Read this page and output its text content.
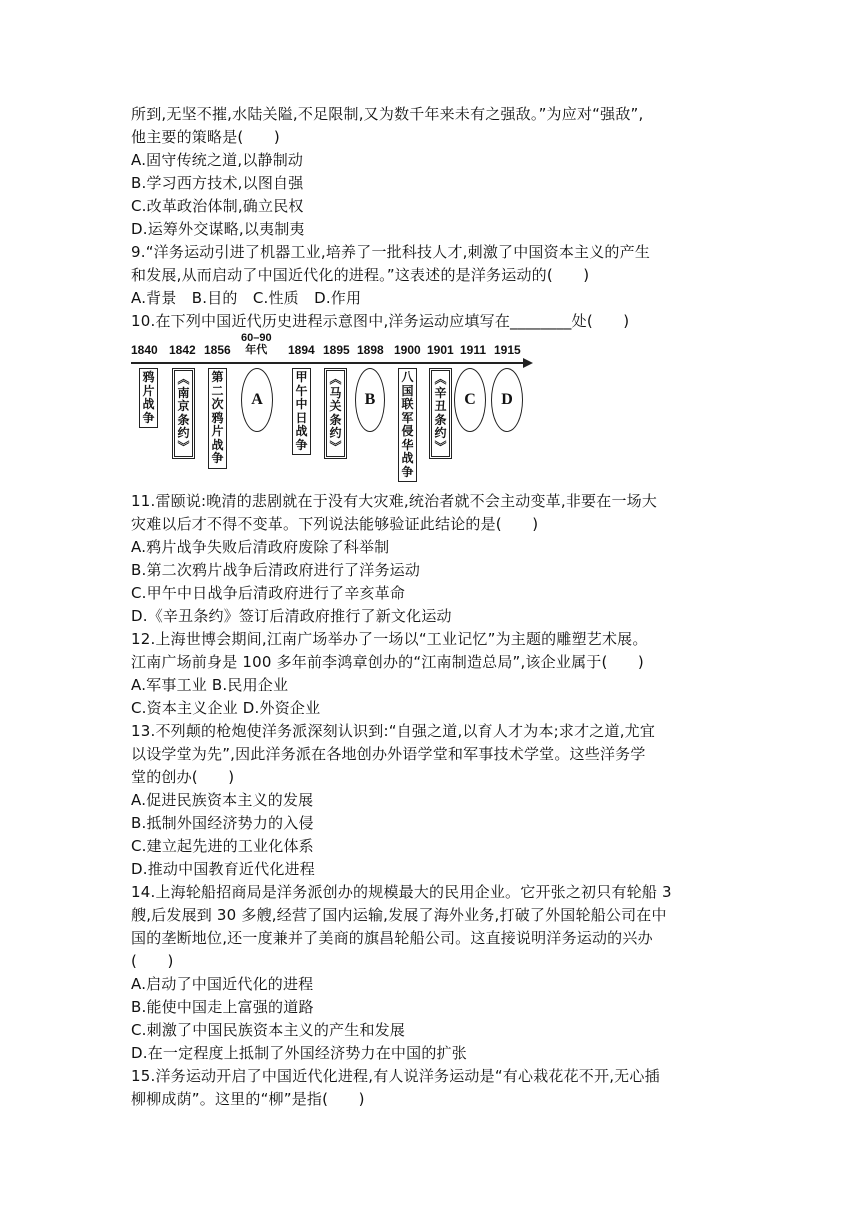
所到,无坚不摧,水陆关隘,不足限制,又为数千年来未有之强敌。”为应对“强敌”,
他主要的策略是(　　)
A.固守传统之道,以静制动
B.学习西方技术,以图自强
C.改革政治体制,确立民权
D.运筹外交谋略,以夷制夷
9.“洋务运动引进了机器工业,培养了一批科技人才,刺激了中国资本主义的产生
和发展,从而启动了中国近代化的进程。”这表述的是洋务运动的(　　)
A.背景　B.目的　C.性质　D.作用
10.在下列中国近代历史进程示意图中,洋务运动应填写在________处(　　)
1840 1842 1856
60–90
年代	1894 1895 1898 1900 1901 1911 1915
鸦
片
战
争
︽
南
京
条
约
︾
第
二
次
鸦
片
战
争
A
甲
午
中
日
战
争
︽
马
关
条
约
︾
B
八
国
联
军
侵
华
战
争
︽
辛
丑
条
约
︾
C	D
11.雷颐说:晚清的悲剧就在于没有大灾难,统治者就不会主动变革,非要在一场大
灾难以后才不得不变革。下列说法能够验证此结论的是(　　)
A.鸦片战争失败后清政府废除了科举制
B.第二次鸦片战争后清政府进行了洋务运动
C.甲午中日战争后清政府进行了辛亥革命
D.《辛丑条约》签订后清政府推行了新文化运动
12.上海世博会期间,江南广场举办了一场以“工业记忆”为主题的雕塑艺术展。
江南广场前身是 100 多年前李鸿章创办的“江南制造总局”,该企业属于(　　)
A.军事工业 B.民用企业
C.资本主义企业 D.外资企业
13.不列颠的枪炮使洋务派深刻认识到:“自强之道,以育人才为本;求才之道,尤宜
以设学堂为先”,因此洋务派在各地创办外语学堂和军事技术学堂。这些洋务学
堂的创办(　　)
A.促进民族资本主义的发展
B.抵制外国经济势力的入侵
C.建立起先进的工业化体系
D.推动中国教育近代化进程
14.上海轮船招商局是洋务派创办的规模最大的民用企业。它开张之初只有轮船 3
艘,后发展到 30 多艘,经营了国内运输,发展了海外业务,打破了外国轮船公司在中
国的垄断地位,还一度兼并了美商的旗昌轮船公司。这直接说明洋务运动的兴办
(　　)
A.启动了中国近代化的进程
B.能使中国走上富强的道路
C.刺激了中国民族资本主义的产生和发展
D.在一定程度上抵制了外国经济势力在中国的扩张
15.洋务运动开启了中国近代化进程,有人说洋务运动是“有心栽花花不开,无心插
柳柳成荫”。这里的“柳”是指(　　)
